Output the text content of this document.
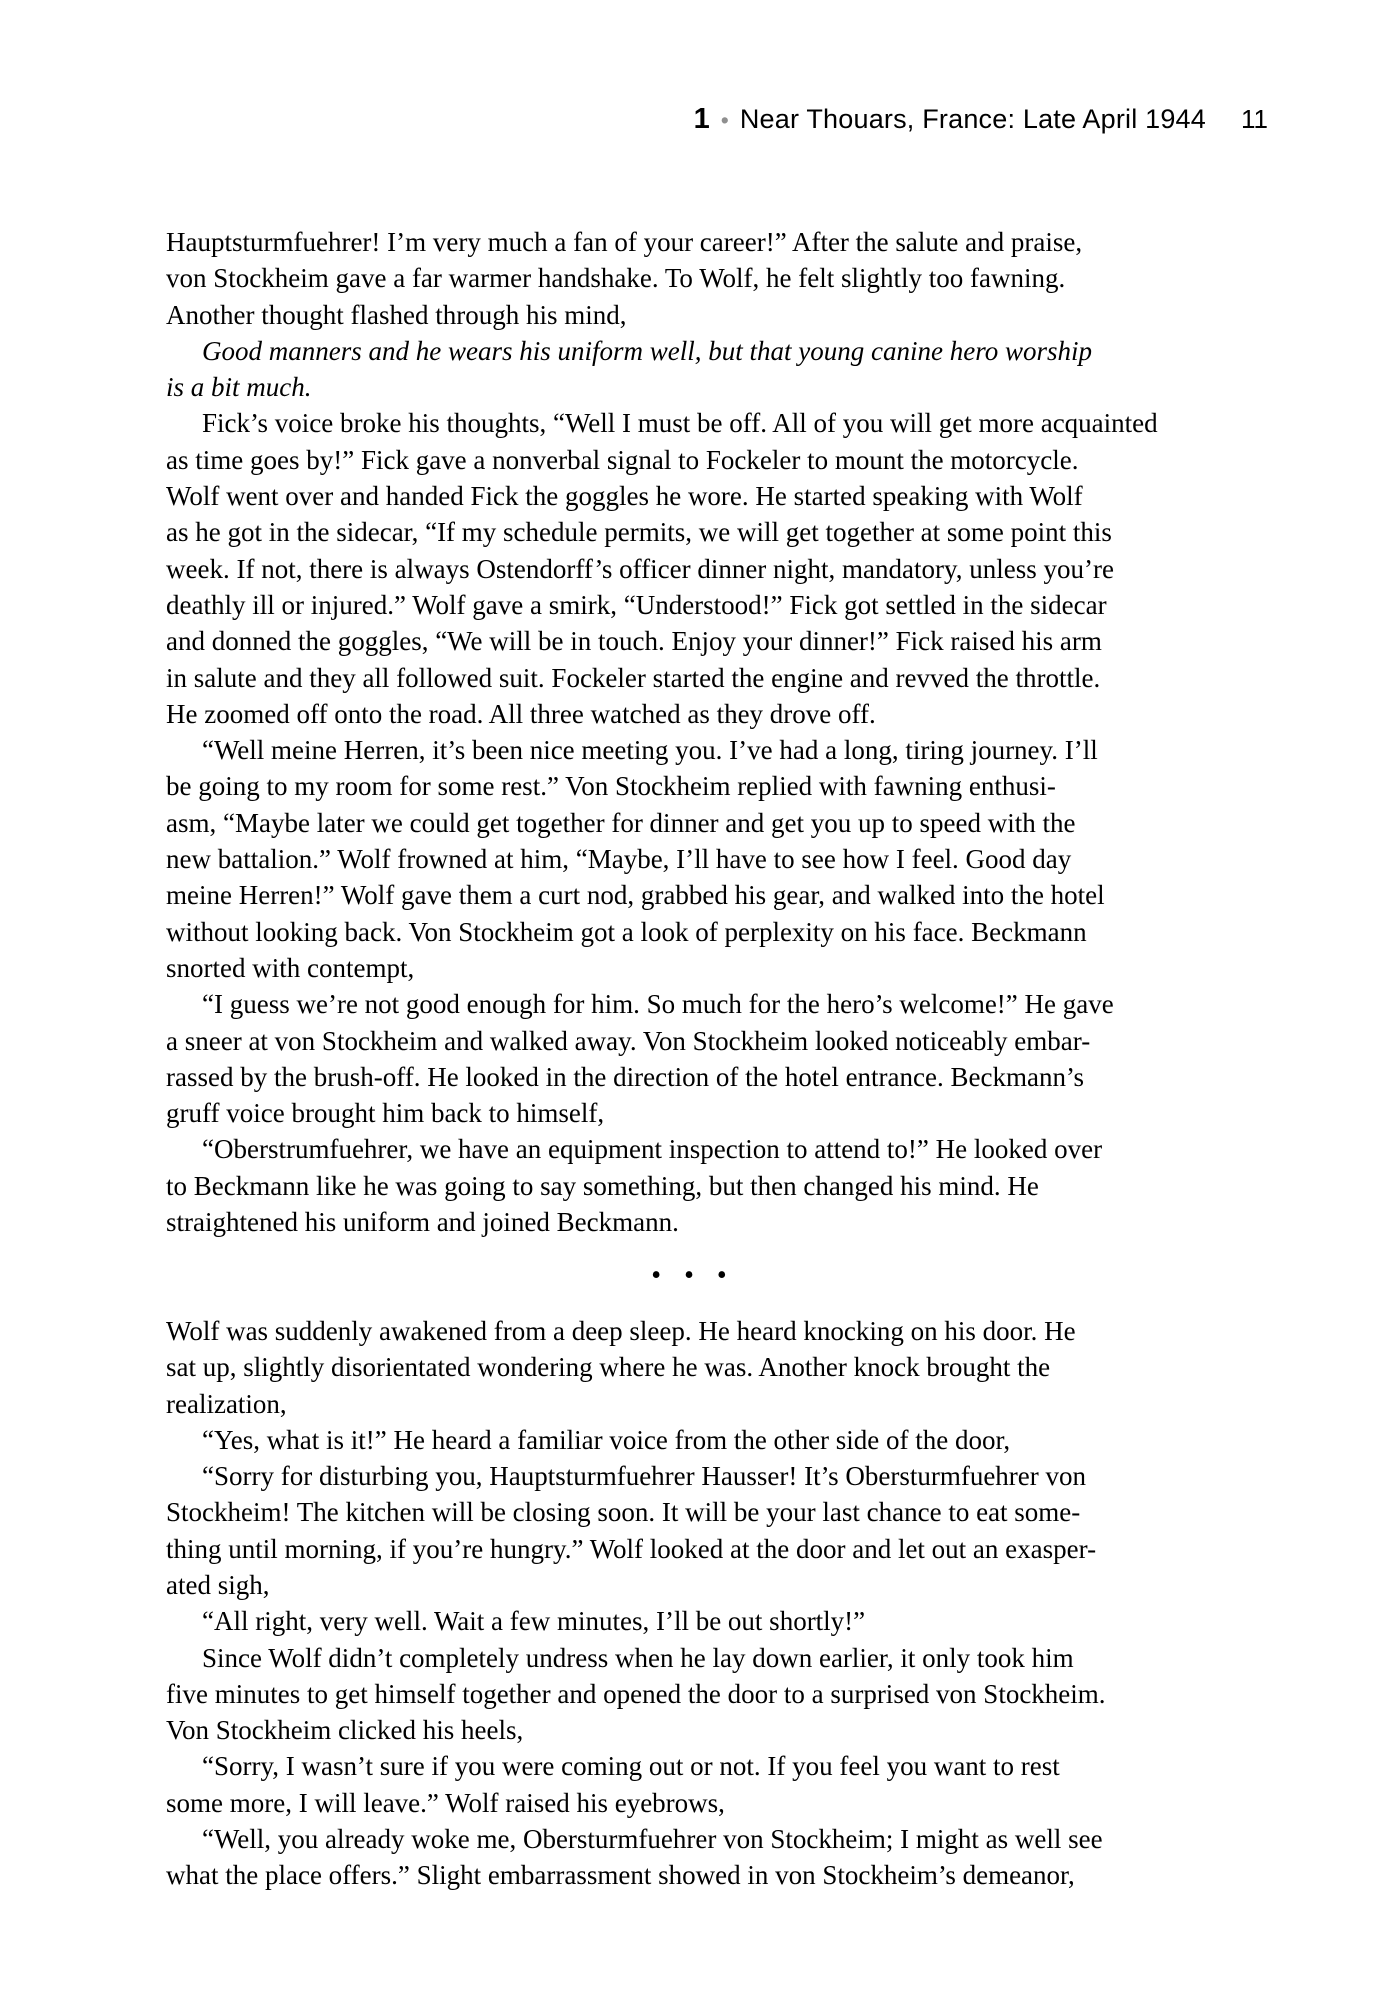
1 • Near Thouars, France: Late April 1944 11
Hauptsturmfuehrer! I’m very much a fan of your career!” After the salute and praise,
von Stockheim gave a far warmer handshake. To Wolf, he felt slightly too fawning.
Another thought flashed through his mind,
Good manners and he wears his uniform well, but that young canine hero worship
is a bit much.
Fick’s voice broke his thoughts, “Well I must be off. All of you will get more acquainted
as time goes by!” Fick gave a nonverbal signal to Fockeler to mount the motorcycle.
Wolf went over and handed Fick the goggles he wore. He started speaking with Wolf
as he got in the sidecar, “If my schedule permits, we will get together at some point this
week. If not, there is always Ostendorff’s officer dinner night, mandatory, unless you’re
deathly ill or injured.” Wolf gave a smirk, “Understood!” Fick got settled in the sidecar
and donned the goggles, “We will be in touch. Enjoy your dinner!” Fick raised his arm
in salute and they all followed suit. Fockeler started the engine and revved the throttle.
He zoomed off onto the road. All three watched as they drove off.
“Well meine Herren, it’s been nice meeting you. I’ve had a long, tiring journey. I’ll
be going to my room for some rest.” Von Stockheim replied with fawning enthusi-
asm, “Maybe later we could get together for dinner and get you up to speed with the
new battalion.” Wolf frowned at him, “Maybe, I’ll have to see how I feel. Good day
meine Herren!” Wolf gave them a curt nod, grabbed his gear, and walked into the hotel
without looking back. Von Stockheim got a look of perplexity on his face. Beckmann
snorted with contempt,
“I guess we’re not good enough for him. So much for the hero’s welcome!” He gave
a sneer at von Stockheim and walked away. Von Stockheim looked noticeably embar-
rassed by the brush-off. He looked in the direction of the hotel entrance. Beckmann’s
gruff voice brought him back to himself,
“Oberstrumfuehrer, we have an equipment inspection to attend to!” He looked over
to Beckmann like he was going to say something, but then changed his mind. He
straightened his uniform and joined Beckmann.
• • •
Wolf was suddenly awakened from a deep sleep. He heard knocking on his door. He
sat up, slightly disorientated wondering where he was. Another knock brought the
realization,
“Yes, what is it!” He heard a familiar voice from the other side of the door,
“Sorry for disturbing you, Hauptsturmfuehrer Hausser! It’s Obersturmfuehrer von
Stockheim! The kitchen will be closing soon. It will be your last chance to eat some-
thing until morning, if you’re hungry.” Wolf looked at the door and let out an exasper-
ated sigh,
“All right, very well. Wait a few minutes, I’ll be out shortly!”
Since Wolf didn’t completely undress when he lay down earlier, it only took him
five minutes to get himself together and opened the door to a surprised von Stockheim.
Von Stockheim clicked his heels,
“Sorry, I wasn’t sure if you were coming out or not. If you feel you want to rest
some more, I will leave.” Wolf raised his eyebrows,
“Well, you already woke me, Obersturmfuehrer von Stockheim; I might as well see
what the place offers.” Slight embarrassment showed in von Stockheim’s demeanor,
